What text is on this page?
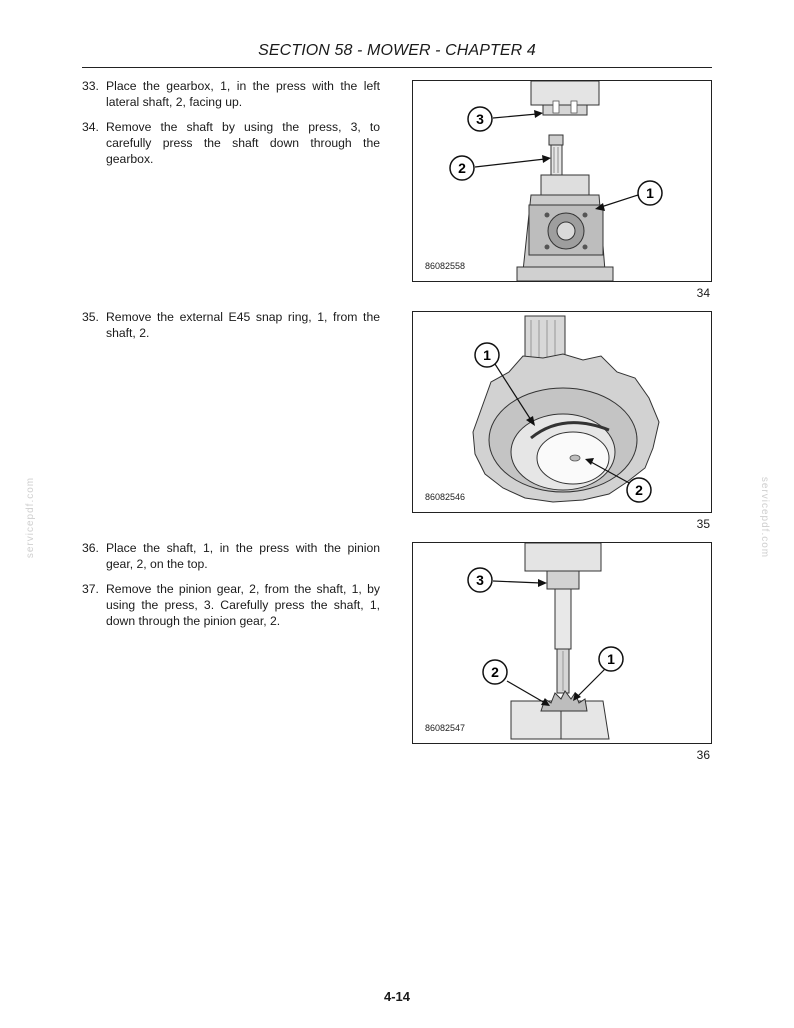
SECTION 58 - MOWER - CHAPTER 4
33. Place the gearbox, 1, in the press with the left lateral shaft, 2, facing up.
34. Remove the shaft by using the press, 3, to carefully press the shaft down through the gearbox.
3
2
1
86082558
34
35. Remove the external E45 snap ring, 1, from the shaft, 2.
1
2
86082546
35
36. Place the shaft, 1, in the press with the pinion gear, 2, on the top.
37. Remove the pinion gear, 2, from the shaft, 1, by using the press, 3. Carefully press the shaft, 1, down through the pinion gear, 2.
3
2
1
86082547
36
servicepdf.com	servicepdf.com
4-14
